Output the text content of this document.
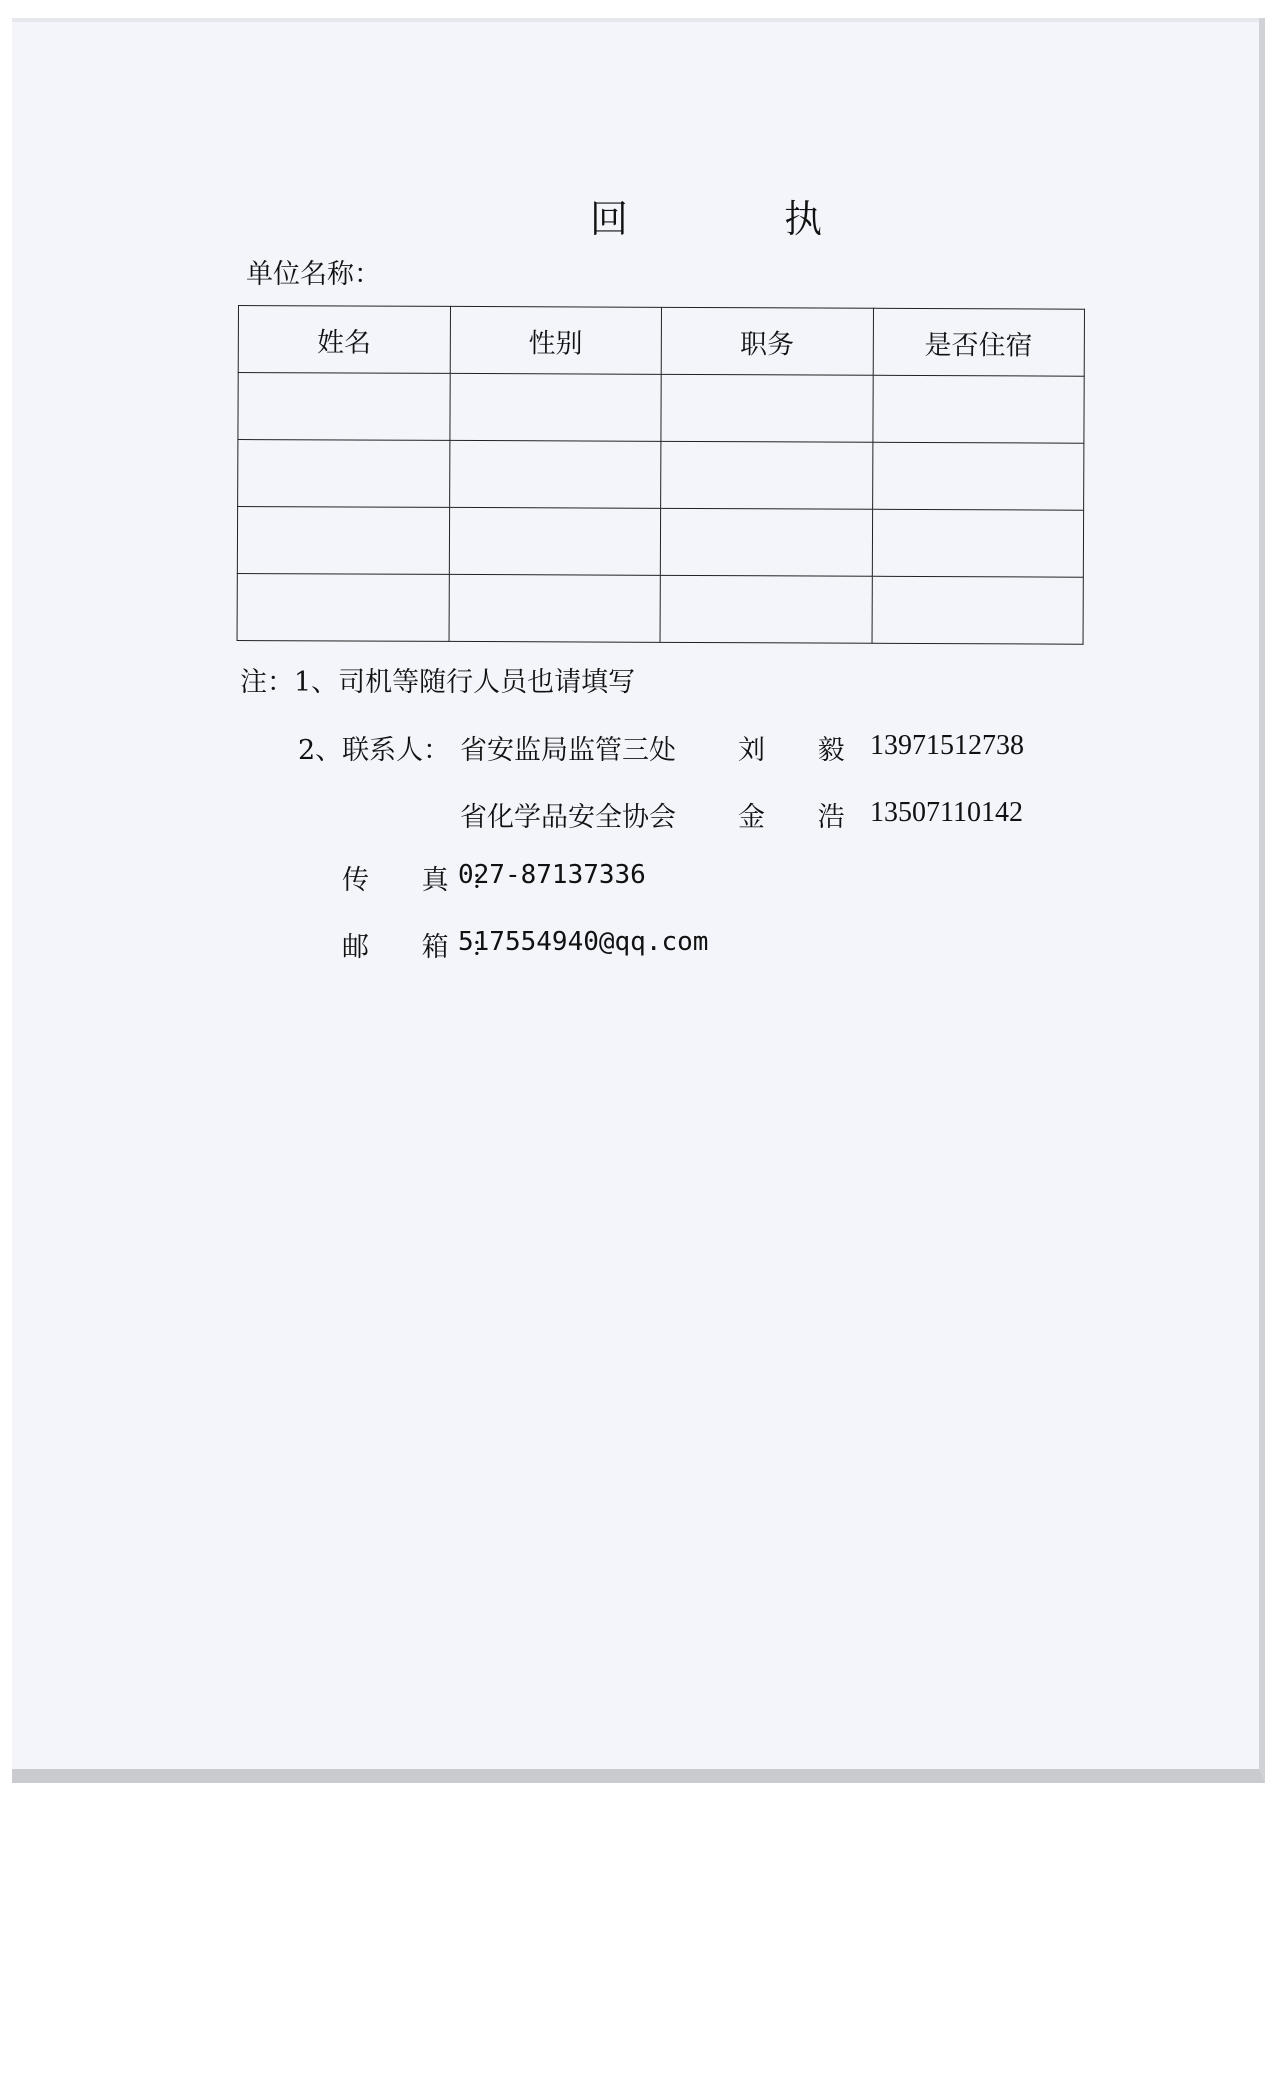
回 执
单位名称：
姓名	性别	职务	是否住宿

注：1、司机等随行人员也请填写
2、联系人： 省安监局监管三处 刘 毅 13971512738
省化学品安全协会 金 浩 13507110142
传 真：
027-87137336
邮 箱：
517554940@qq.com
